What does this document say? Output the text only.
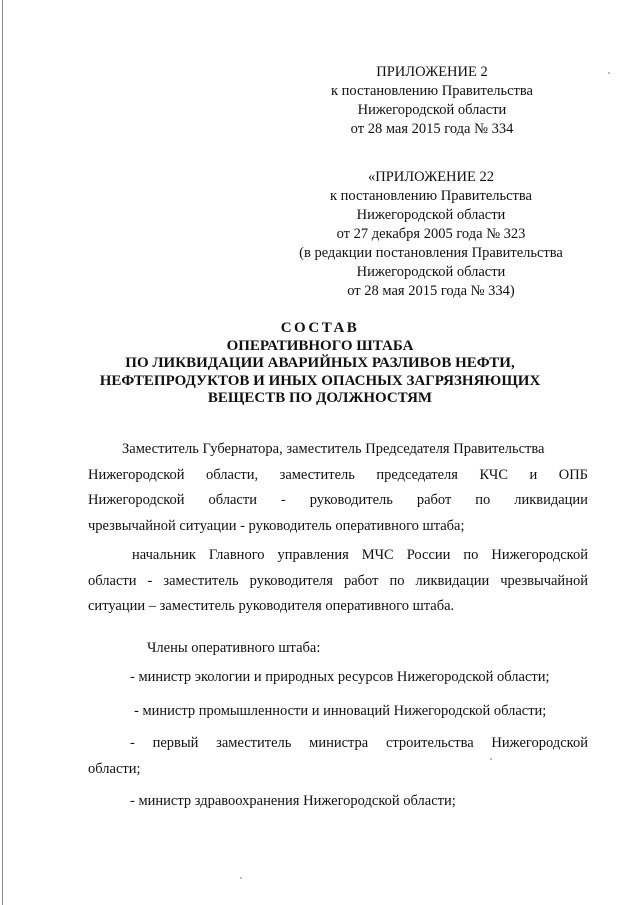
ПРИЛОЖЕНИЕ 2
к постановлению Правительства
Нижегородской области
от 28 мая 2015 года № 334
«ПРИЛОЖЕНИЕ 22
к постановлению Правительства
Нижегородской области
от 27 декабря 2005 года № 323
(в редакции постановления Правительства
Нижегородской области
от 28 мая 2015 года № 334)
СОСТАВ
ОПЕРАТИВНОГО ШТАБА
ПО ЛИКВИДАЦИИ АВАРИЙНЫХ РАЗЛИВОВ НЕФТИ,
НЕФТЕПРОДУКТОВ И ИНЫХ ОПАСНЫХ ЗАГРЯЗНЯЮЩИХ
ВЕЩЕСТВ ПО ДОЛЖНОСТЯМ
Заместитель Губернатора, заместитель Председателя Правительства
Нижегородской области, заместитель председателя КЧС и ОПБ
Нижегородской области - руководитель работ по ликвидации
чрезвычайной ситуации - руководитель оперативного штаба;
начальник Главного управления МЧС России по Нижегородской
области - заместитель руководителя работ по ликвидации чрезвычайной
ситуации – заместитель руководителя оперативного штаба.
Члены оперативного штаба:
- министр экологии и природных ресурсов Нижегородской области;
- министр промышленности и инноваций Нижегородской области;
- первый заместитель министра строительства Нижегородской
области;
- министр здравоохранения Нижегородской области;
